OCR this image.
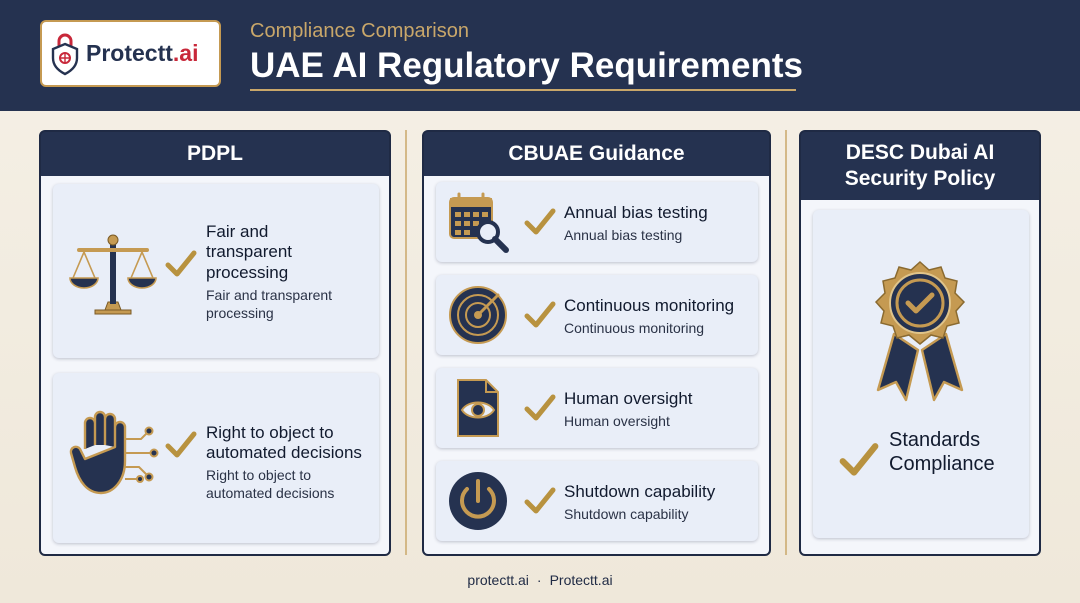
Protectt.ai
Compliance Comparison
UAE AI Regulatory Requirements
PDPL
Fair and transparent processing
Fair and transparent processing
Right to object to automated decisions
Right to object to automated decisions
CBUAE Guidance
Annual bias testing
Annual bias testing
Continuous monitoring
Continuous monitoring
Human oversight
Human oversight
Shutdown capability
Shutdown capability
DESC Dubai AI Security Policy
Standards Compliance
protectt.ai · Protectt.ai
